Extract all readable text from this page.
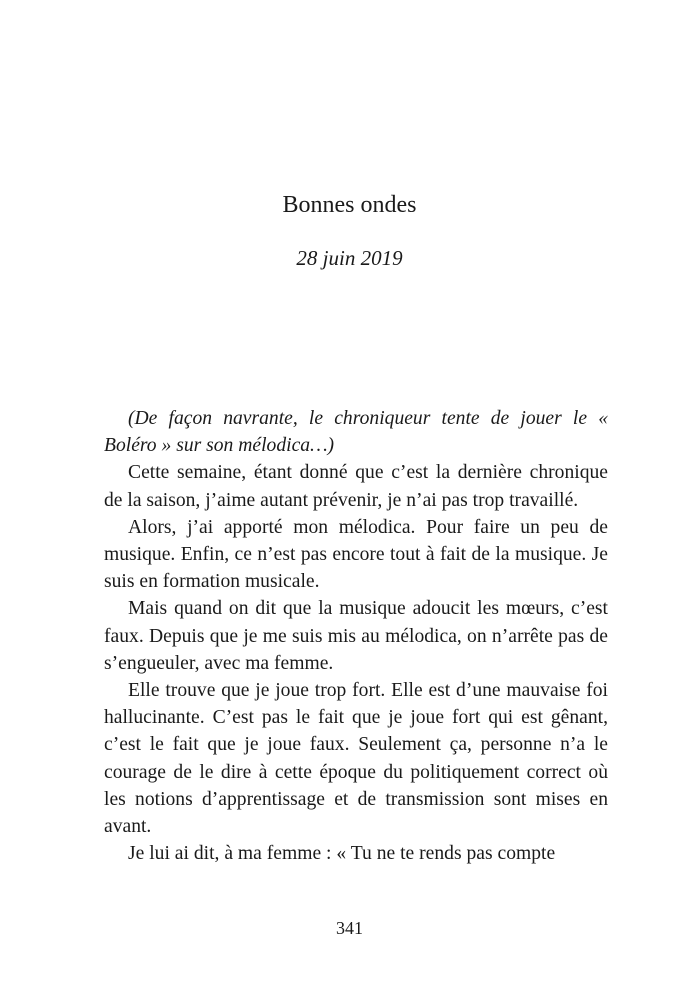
Bonnes ondes
28 juin 2019

(De façon navrante, le chroniqueur tente de jouer le « Boléro » sur son mélodica…)

Cette semaine, étant donné que c’est la dernière chronique de la saison, j’aime autant prévenir, je n’ai pas trop travaillé.

Alors, j’ai apporté mon mélodica. Pour faire un peu de musique. Enfin, ce n’est pas encore tout à fait de la musique. Je suis en formation musicale.

Mais quand on dit que la musique adoucit les mœurs, c’est faux. Depuis que je me suis mis au mélodica, on n’arrête pas de s’engueuler, avec ma femme.

Elle trouve que je joue trop fort. Elle est d’une mauvaise foi hallucinante. C’est pas le fait que je joue fort qui est gênant, c’est le fait que je joue faux. Seulement ça, personne n’a le courage de le dire à cette époque du politiquement correct où les notions d’apprentissage et de transmission sont mises en avant.

Je lui ai dit, à ma femme : « Tu ne te rends pas compte

341
